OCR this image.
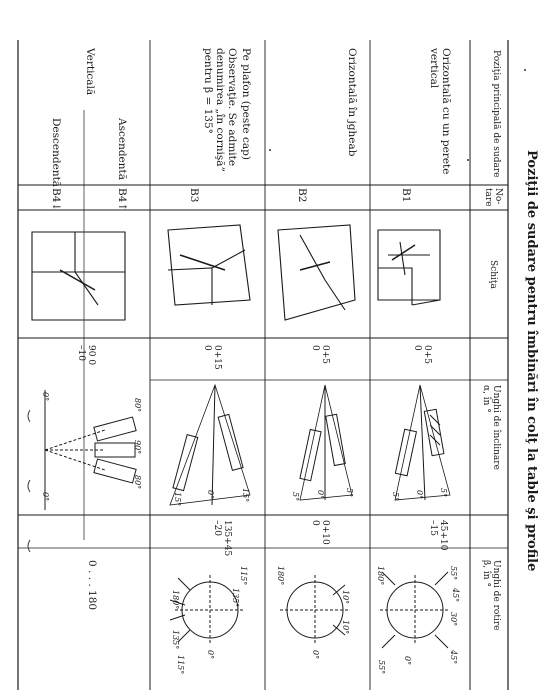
Poziţii de sudare pentru îmbinări în colţ la table şi profile
Poziţia principală de sudare
No-
tare
Schiţa
Unghi de înclinare
α, în °
Unghi de rotire
β, în °
Orizontală cu un perete
vertical
B1
0+5
0
45+10
–15
5°
0°
5°
55°
45°
30°
45°
0°
55°
180°
Orizontală în jgheab
B2
0+5
0
0+10
0
5°
0°
5°
10°
10°
0°
180°
Pe plafon (peste cap)
Observaţie. Se admite
denumirea „în cornişă”
pentru β = 135°
B3
0+15
0
135+45
–20
15°
0°
15°
115°
135°
180°
135°
115°
0°
Verticală
Ascendentă
Descendentă
B4↑
B4↓
90 0
–10
0 . . . 180
80°
90°
80°
0°
0°
